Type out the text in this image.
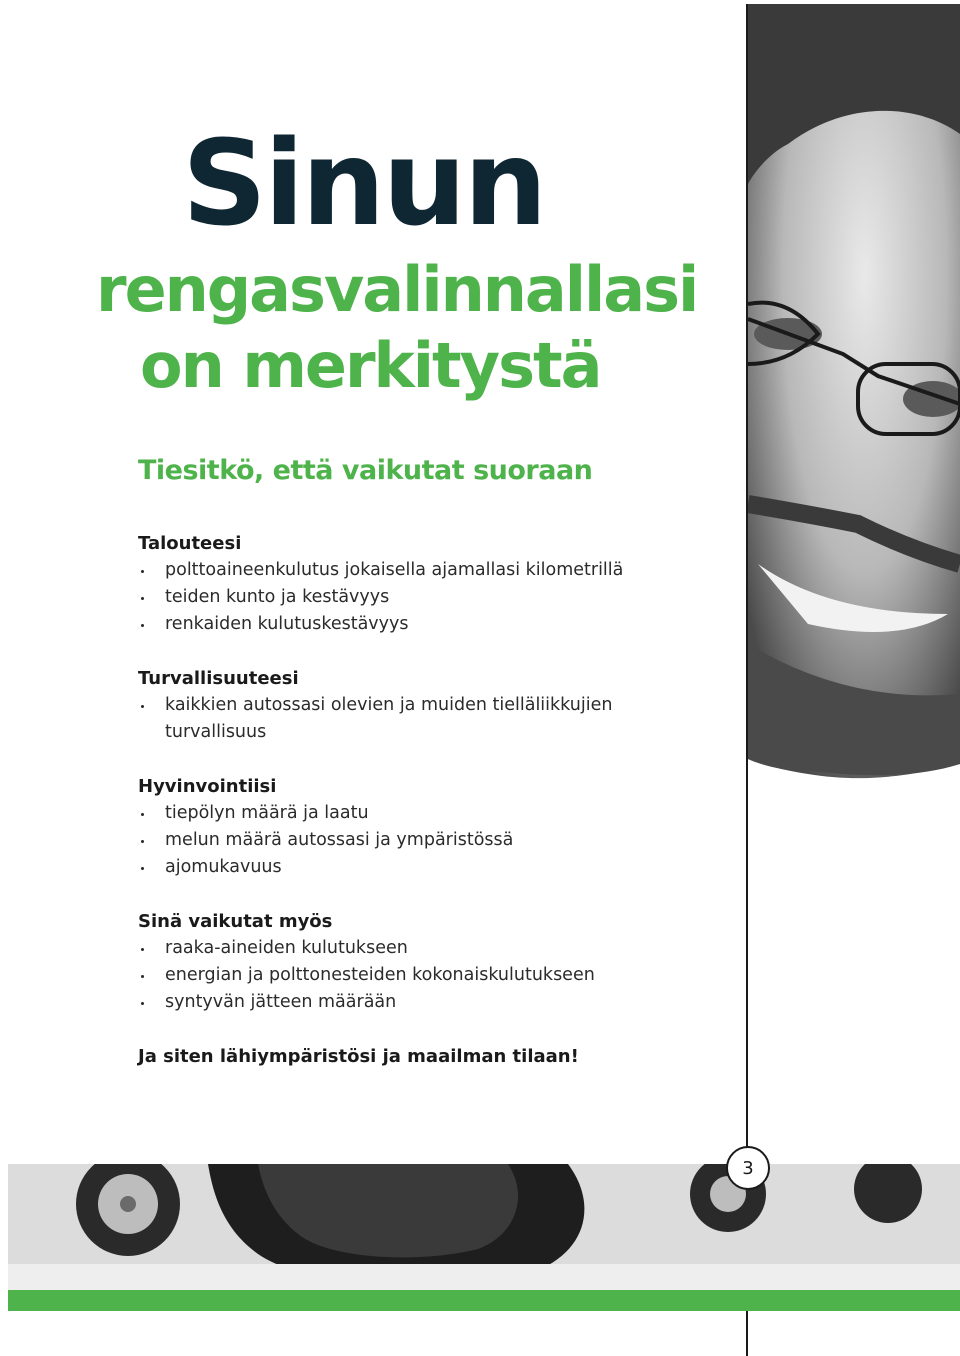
Sinun
rengasvalinnallasi
on merkitystä

Tiesitkö, että vaikutat suoraan

Talouteesi

polttoaineenkulutus jokaisella ajamallasi kilometrillä
teiden kunto ja kestävyys
renkaiden kulutuskestävyys

Turvallisuuteesi

kaikkien autossasi olevien ja muiden tielläliikkujien turvallisuus

Hyvinvointiisi

tiepölyn määrä ja laatu
melun määrä autossasi ja ympäristössä
ajomukavuus

Sinä vaikutat myös

raaka-aineiden kulutukseen
energian ja polttonesteiden kokonaiskulutukseen
syntyvän jätteen määrään

Ja siten lähiympäristösi ja maailman tilaan!

3
